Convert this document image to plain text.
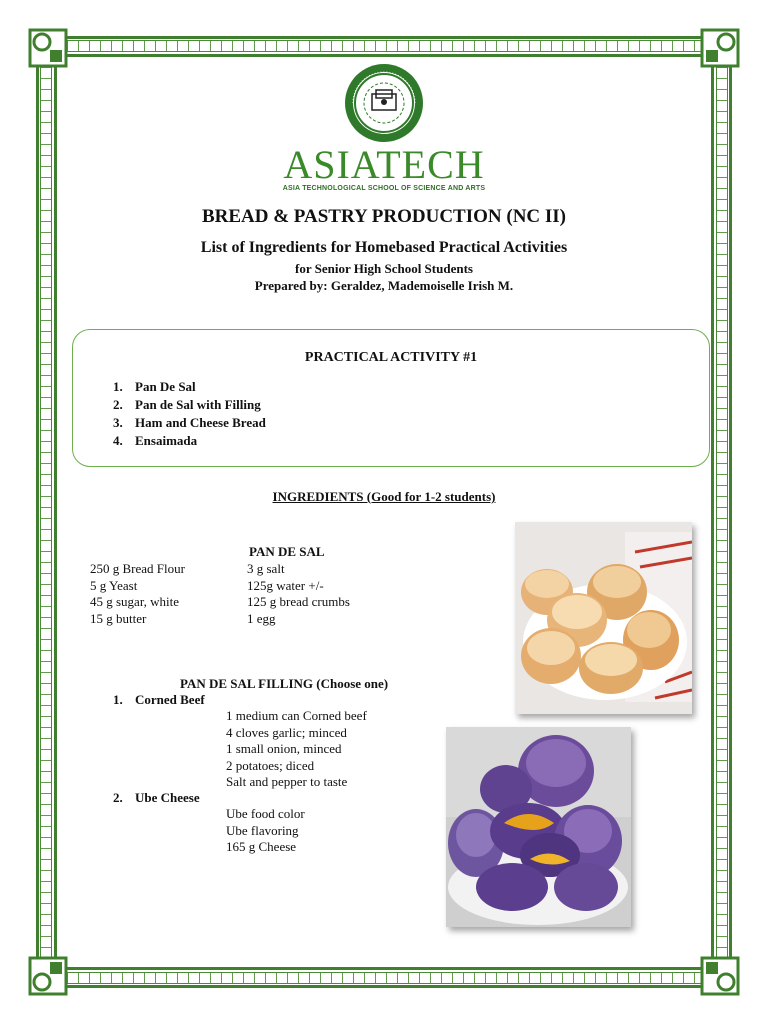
ASIATECH
ASIA TECHNOLOGICAL SCHOOL OF SCIENCE AND ARTS
BREAD & PASTRY PRODUCTION (NC II)
List of Ingredients for Homebased Practical Activities
for Senior High School Students
Prepared by: Geraldez, Mademoiselle Irish M.
PRACTICAL ACTIVITY #1
1. Pan De Sal
2. Pan de Sal with Filling
3. Ham and Cheese Bread
4. Ensaimada
INGREDIENTS (Good for 1-2 students)
PAN DE SAL
250 g Bread Flour
5 g Yeast
45 g sugar, white
15 g butter
3 g salt
125g water +/-
125 g bread crumbs
1 egg
PAN DE SAL FILLING (Choose one)
1. Corned Beef
1 medium can Corned beef
4 cloves garlic; minced
1 small onion, minced
2 potatoes; diced
Salt and pepper to taste
2. Ube Cheese
Ube food color
Ube flavoring
165 g Cheese
